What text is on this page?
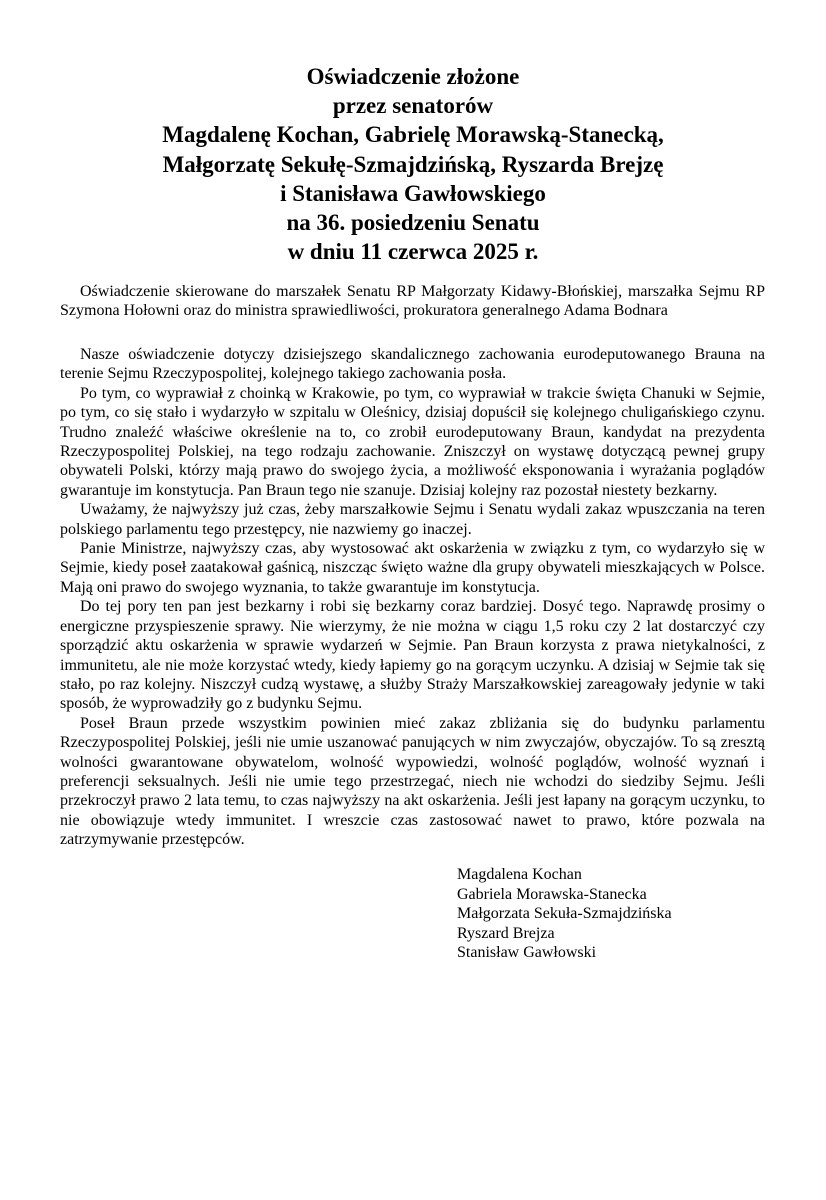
Oświadczenie złożone
przez senatorów
Magdalenę Kochan, Gabrielę Morawską-Stanecką,
Małgorzatę Sekułę-Szmajdzińską, Ryszarda Brejzę
i Stanisława Gawłowskiego
na 36. posiedzeniu Senatu
w dniu 11 czerwca 2025 r.
Oświadczenie skierowane do marszałek Senatu RP Małgorzaty Kidawy-Błońskiej, marszałka Sejmu RP Szymona Hołowni oraz do ministra sprawiedliwości, prokuratora generalnego Adama Bodnara

Nasze oświadczenie dotyczy dzisiejszego skandalicznego zachowania eurodeputowanego Brauna na terenie Sejmu Rzeczypospolitej, kolejnego takiego zachowania posła.

Po tym, co wyprawiał z choinką w Krakowie, po tym, co wyprawiał w trakcie święta Chanuki w Sejmie, po tym, co się stało i wydarzyło w szpitalu w Oleśnicy, dzisiaj dopuścił się kolejnego chuligańskiego czynu. Trudno znaleźć właściwe określenie na to, co zrobił eurodeputowany Braun, kandydat na prezydenta Rzeczypospolitej Polskiej, na tego rodzaju zachowanie. Zniszczył on wystawę dotyczącą pewnej grupy obywateli Polski, którzy mają prawo do swojego życia, a możliwość eksponowania i wyrażania poglądów gwarantuje im konstytucja. Pan Braun tego nie szanuje. Dzisiaj kolejny raz pozostał niestety bezkarny.

Uważamy, że najwyższy już czas, żeby marszałkowie Sejmu i Senatu wydali zakaz wpuszczania na teren polskiego parlamentu tego przestępcy, nie nazwiemy go inaczej.

Panie Ministrze, najwyższy czas, aby wystosować akt oskarżenia w związku z tym, co wydarzyło się w Sejmie, kiedy poseł zaatakował gaśnicą, niszcząc święto ważne dla grupy obywateli mieszkających w Polsce. Mają oni prawo do swojego wyznania, to także gwarantuje im konstytucja.

Do tej pory ten pan jest bezkarny i robi się bezkarny coraz bardziej. Dosyć tego. Naprawdę prosimy o energiczne przyspieszenie sprawy. Nie wierzymy, że nie można w ciągu 1,5 roku czy 2 lat dostarczyć czy sporządzić aktu oskarżenia w sprawie wydarzeń w Sejmie. Pan Braun korzysta z prawa nietykalności, z immunitetu, ale nie może korzystać wtedy, kiedy łapiemy go na gorącym uczynku. A dzisiaj w Sejmie tak się stało, po raz kolejny. Niszczył cudzą wystawę, a służby Straży Marszałkowskiej zareagowały jedynie w taki sposób, że wyprowadziły go z budynku Sejmu.

Poseł Braun przede wszystkim powinien mieć zakaz zbliżania się do budynku parlamentu Rzeczypospolitej Polskiej, jeśli nie umie uszanować panujących w nim zwyczajów, obyczajów. To są zresztą wolności gwarantowane obywatelom, wolność wypowiedzi, wolność poglądów, wolność wyznań i preferencji seksualnych. Jeśli nie umie tego przestrzegać, niech nie wchodzi do siedziby Sejmu. Jeśli przekroczył prawo 2 lata temu, to czas najwyższy na akt oskarżenia. Jeśli jest łapany na gorącym uczynku, to nie obowiązuje wtedy immunitet. I wreszcie czas zastosować nawet to prawo, które pozwala na zatrzymywanie przestępców.

Magdalena Kochan
Gabriela Morawska-Stanecka
Małgorzata Sekuła-Szmajdzińska
Ryszard Brejza
Stanisław Gawłowski
